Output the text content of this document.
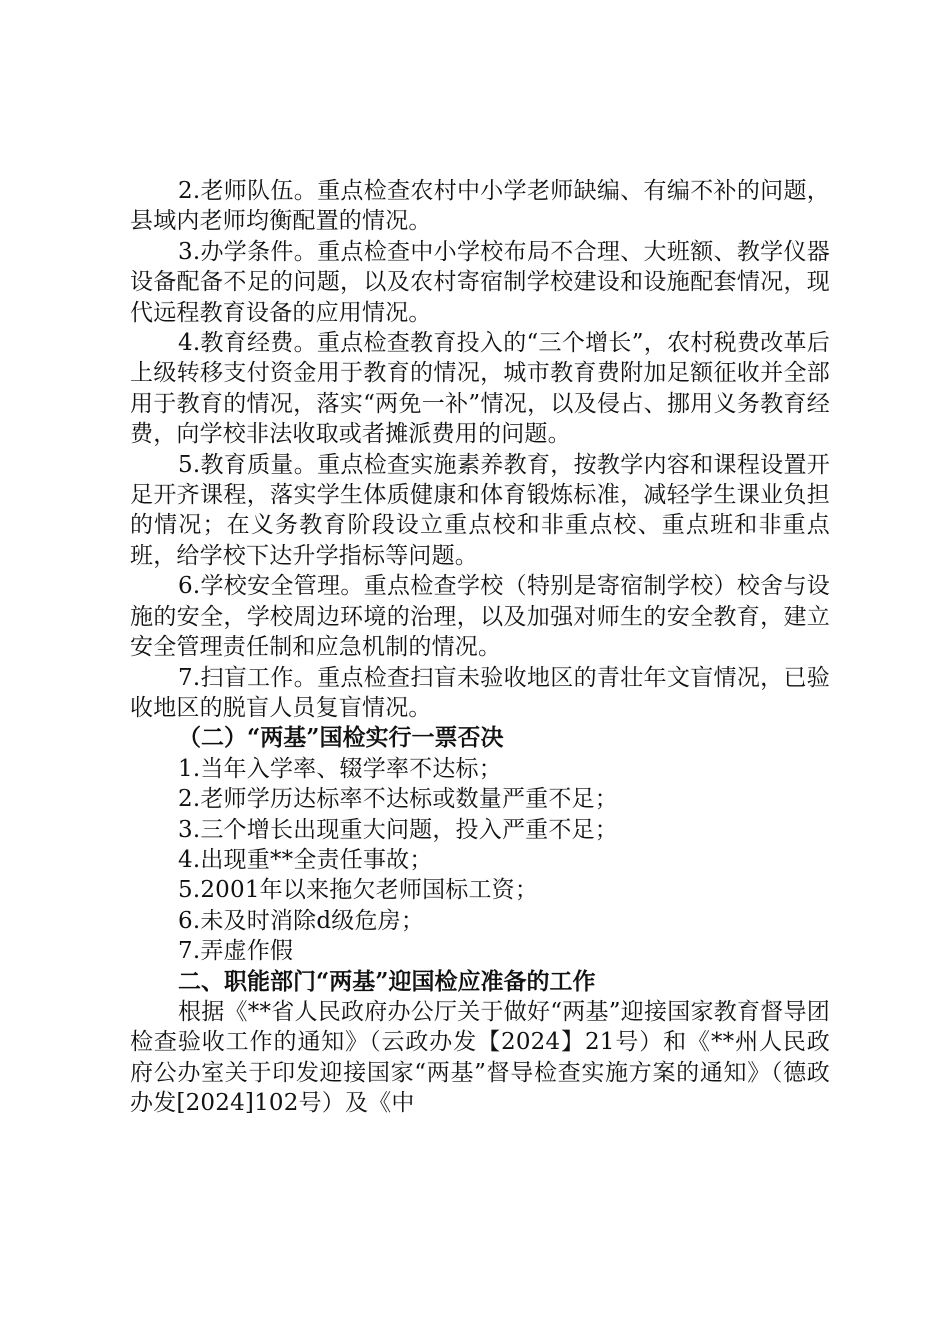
2.老师队伍。重点检查农村中小学老师缺编、有编不补的问题，县域内老师均衡配置的情况。

3.办学条件。重点检查中小学校布局不合理、大班额、教学仪器设备配备不足的问题，以及农村寄宿制学校建设和设施配套情况，现代远程教育设备的应用情况。

4.教育经费。重点检查教育投入的“三个增长”，农村税费改革后上级转移支付资金用于教育的情况，城市教育费附加足额征收并全部用于教育的情况，落实“两免一补”情况，以及侵占、挪用义务教育经费，向学校非法收取或者摊派费用的问题。

5.教育质量。重点检查实施素养教育，按教学内容和课程设置开足开齐课程，落实学生体质健康和体育锻炼标准，减轻学生课业负担的情况；在义务教育阶段设立重点校和非重点校、重点班和非重点班，给学校下达升学指标等问题。

6.学校安全管理。重点检查学校（特别是寄宿制学校）校舍与设施的安全，学校周边环境的治理，以及加强对师生的安全教育，建立安全管理责任制和应急机制的情况。

7.扫盲工作。重点检查扫盲未验收地区的青壮年文盲情况，已验收地区的脱盲人员复盲情况。

（二）“两基”国检实行一票否决

1.当年入学率、辍学率不达标；

2.老师学历达标率不达标或数量严重不足；

3.三个增长出现重大问题，投入严重不足；

4.出现重**全责任事故；

5.2001年以来拖欠老师国标工资；

6.未及时消除d级危房；

7.弄虚作假

二、职能部门“两基”迎国检应准备的工作

根据《**省人民政府办公厅关于做好“两基”迎接国家教育督导团检查验收工作的通知》（云政办发【2024】21号）和《**州人民政府公办室关于印发迎接国家“两基”督导检查实施方案的通知》（德政办发[2024]102号）及《中
